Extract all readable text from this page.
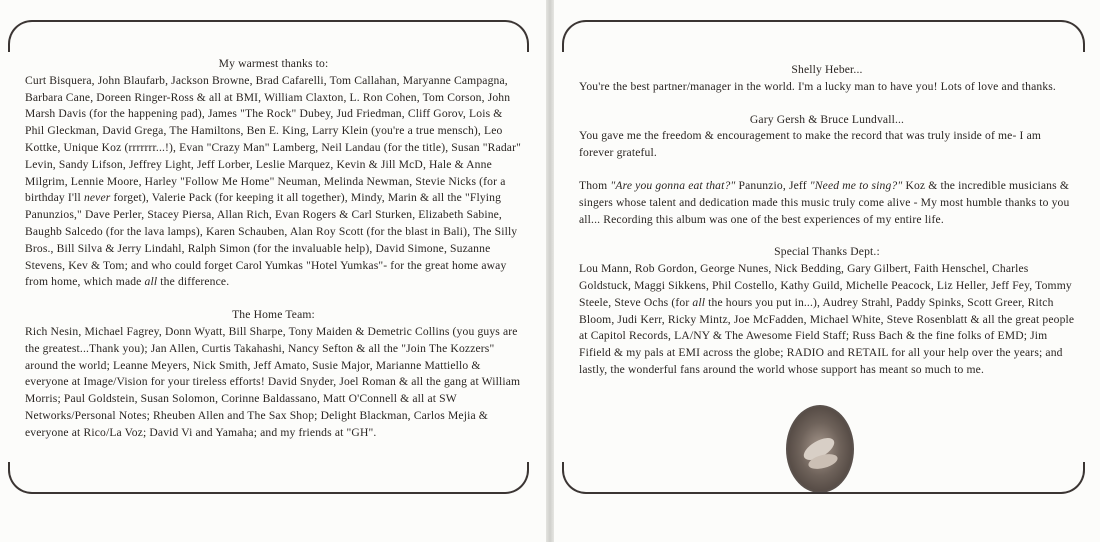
My warmest thanks to:

Curt Bisquera, John Blaufarb, Jackson Browne, Brad Cafarelli, Tom Callahan, Maryanne Campagna, Barbara Cane, Doreen Ringer-Ross & all at BMI, William Claxton, L. Ron Cohen, Tom Corson, John Marsh Davis (for the happening pad), James "The Rock" Dubey, Jud Friedman, Cliff Gorov, Lois & Phil Gleckman, David Grega, The Hamiltons, Ben E. King, Larry Klein (you're a true mensch), Leo Kottke, Unique Koz (rrrrrrr...!), Evan "Crazy Man" Lamberg, Neil Landau (for the title), Susan "Radar" Levin, Sandy Lifson, Jeffrey Light, Jeff Lorber, Leslie Marquez, Kevin & Jill McD, Hale & Anne Milgrim, Lennie Moore, Harley "Follow Me Home" Neuman, Melinda Newman, Stevie Nicks (for a birthday I'll never forget), Valerie Pack (for keeping it all together), Mindy, Marin & all the "Flying Panunzios," Dave Perler, Stacey Piersa, Allan Rich, Evan Rogers & Carl Sturken, Elizabeth Sabine, Baughb Salcedo (for the lava lamps), Karen Schauben, Alan Roy Scott (for the blast in Bali), The Silly Bros., Bill Silva & Jerry Lindahl, Ralph Simon (for the invaluable help), David Simone, Suzanne Stevens, Kev & Tom; and who could forget Carol Yumkas "Hotel Yumkas"- for the great home away from home, which made all the difference.

The Home Team:

Rich Nesin, Michael Fagrey, Donn Wyatt, Bill Sharpe, Tony Maiden & Demetric Collins (you guys are the greatest...Thank you); Jan Allen, Curtis Takahashi, Nancy Sefton & all the "Join The Kozzers" around the world; Leanne Meyers, Nick Smith, Jeff Amato, Susie Major, Marianne Mattiello & everyone at Image/Vision for your tireless efforts! David Snyder, Joel Roman & all the gang at William Morris; Paul Goldstein, Susan Solomon, Corinne Baldassano, Matt O'Connell & all at SW Networks/Personal Notes; Rheuben Allen and The Sax Shop; Delight Blackman, Carlos Mejia & everyone at Rico/La Voz; David Vi and Yamaha; and my friends at "GH".

Shelly Heber...

You're the best partner/manager in the world. I'm a lucky man to have you! Lots of love and thanks.

Gary Gersh & Bruce Lundvall...

You gave me the freedom & encouragement to make the record that was truly inside of me- I am forever grateful.

Thom "Are you gonna eat that?" Panunzio, Jeff "Need me to sing?" Koz & the incredible musicians & singers whose talent and dedication made this music truly come alive - My most humble thanks to you all... Recording this album was one of the best experiences of my entire life.

Special Thanks Dept.:

Lou Mann, Rob Gordon, George Nunes, Nick Bedding, Gary Gilbert, Faith Henschel, Charles Goldstuck, Maggi Sikkens, Phil Costello, Kathy Guild, Michelle Peacock, Liz Heller, Jeff Fey, Tommy Steele, Steve Ochs (for all the hours you put in...), Audrey Strahl, Paddy Spinks, Scott Greer, Ritch Bloom, Judi Kerr, Ricky Mintz, Joe McFadden, Michael White, Steve Rosenblatt & all the great people at Capitol Records, LA/NY & The Awesome Field Staff; Russ Bach & the fine folks of EMD; Jim Fifield & my pals at EMI across the globe; RADIO and RETAIL for all your help over the years; and lastly, the wonderful fans around the world whose support has meant so much to me.
